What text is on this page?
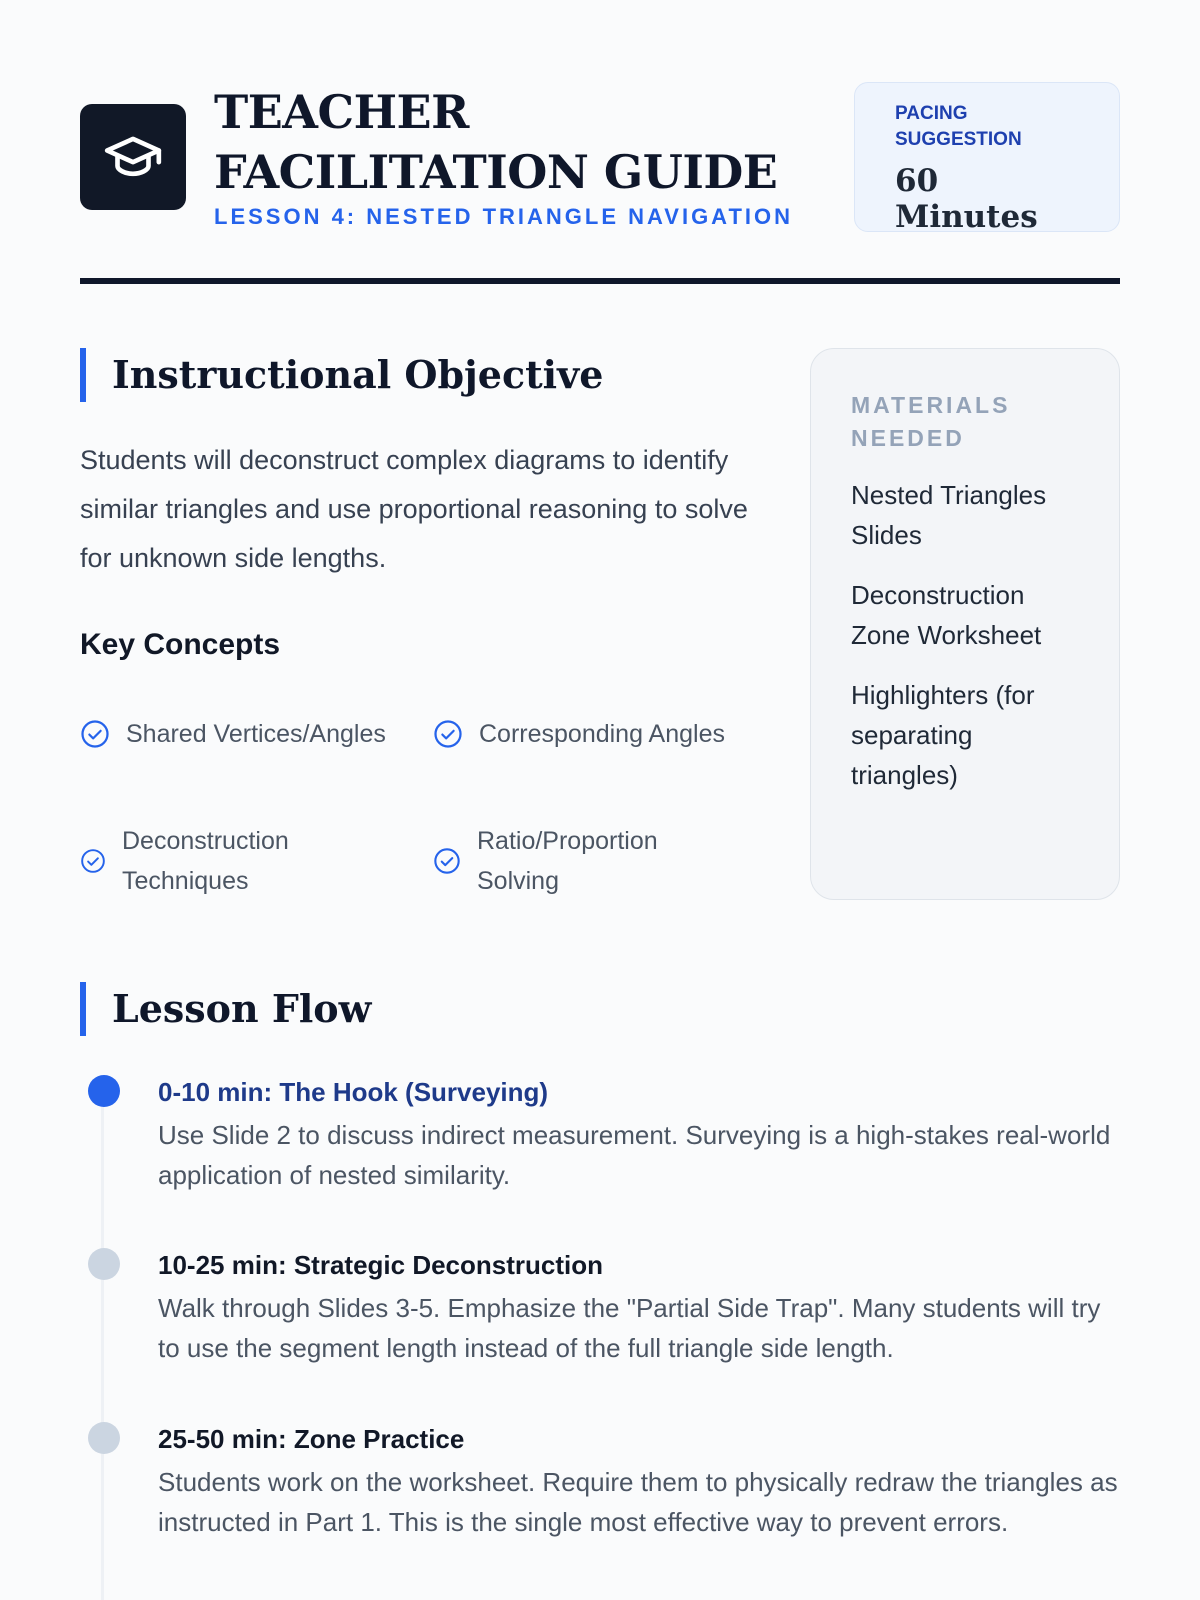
TEACHER FACILITATION GUIDE
LESSON 4: NESTED TRIANGLE NAVIGATION
PACING SUGGESTION
60 Minutes
Instructional Objective
Students will deconstruct complex diagrams to identify similar triangles and use proportional reasoning to solve for unknown side lengths.
Key Concepts
Shared Vertices/Angles	Corresponding Angles
Deconstruction Techniques
Ratio/Proportion Solving
MATERIALS NEEDED
Nested Triangles Slides
Deconstruction Zone Worksheet
Highlighters (for separating triangles)
Lesson Flow
0-10 min: The Hook (Surveying)
Use Slide 2 to discuss indirect measurement. Surveying is a high-stakes real-world application of nested similarity.
10-25 min: Strategic Deconstruction
Walk through Slides 3-5. Emphasize the "Partial Side Trap". Many students will try to use the segment length instead of the full triangle side length.
25-50 min: Zone Practice
Students work on the worksheet. Require them to physically redraw the triangles as instructed in Part 1. This is the single most effective way to prevent errors.
